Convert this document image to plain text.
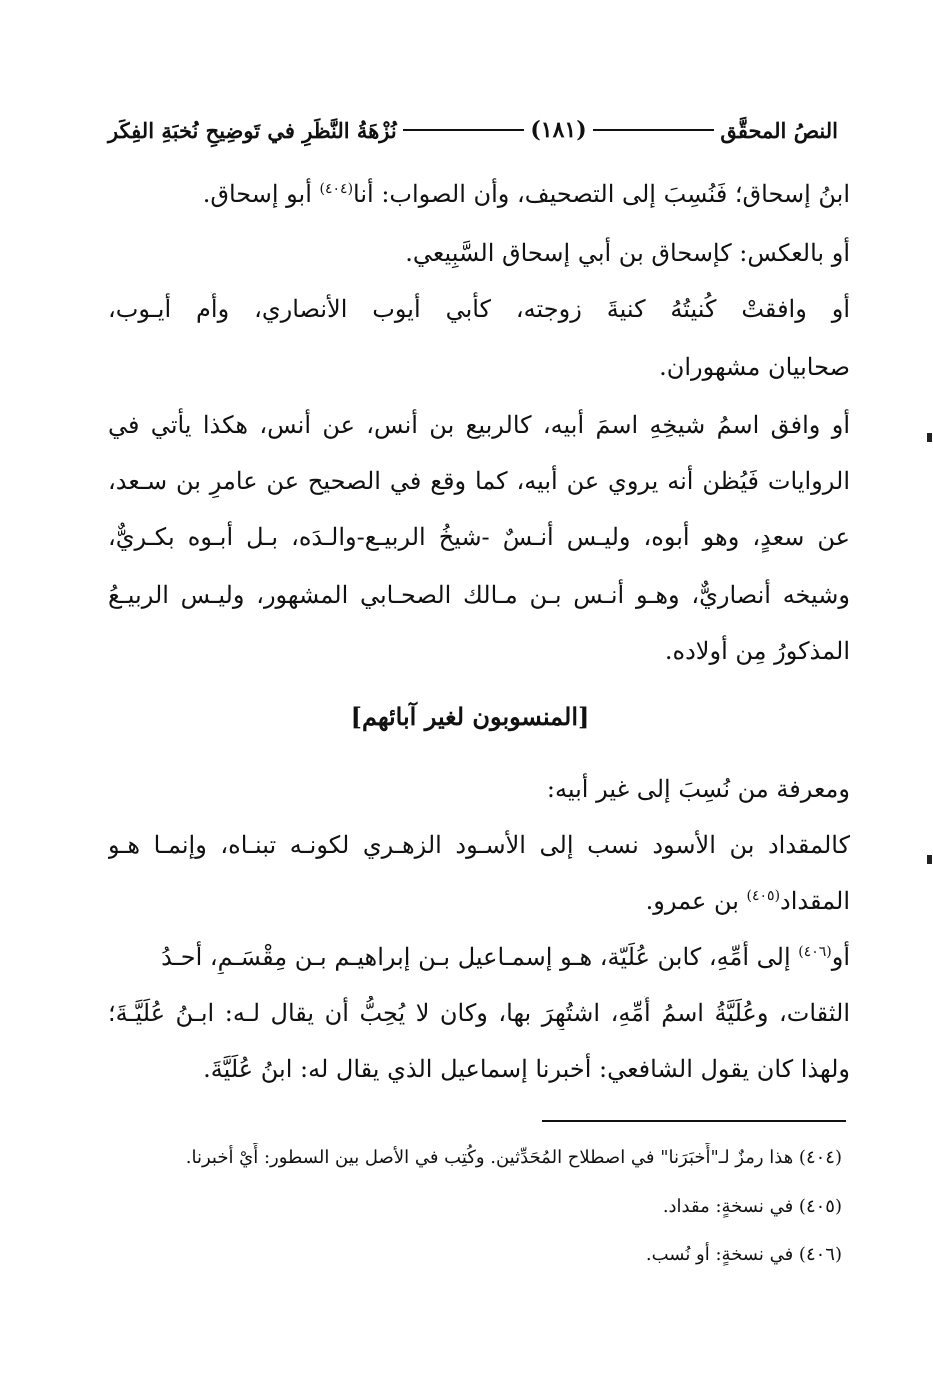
النصُ المحقَّق
(١٨١)
نُزْهَةُ النَّظَرِ في تَوضِيحِ نُخبَةِ الفِكَر
ابنُ إسحاق؛ فَنُسِبَ إلى التصحيف، وأن الصواب: أنا$^{(٤٠٤)}$ أبو إسحاق.
أو بالعكس: كإسحاق بن أبي إسحاق السَّبِيعي.
أو وافقتْ كُنيتُهُ كنيةَ زوجته، كأبي أيوب الأنصاري، وأُم أيـوب،
صحابيان مشهوران.
أو وافق اسمُ شيخِهِ اسمَ أبيه، كالربيع بن أنس، عن أنس، هكذا يأتي في
الروايات فَيُظن أنه يروي عن أبيه، كما وقع في الصحيح عن عامرِ بن سـعد،
عن سعدٍ، وهو أبوه، وليـس أنـسٌ -شيخُ الربيـع-والـدَه، بـل أبـوه بكـريٌّ،
وشيخه أنصاريٌّ، وهـو أنـس بـن مـالك الصحـابي المشهور، وليـس الربيـعُ
المذكورُ مِن أولاده.
[المنسوبون لغير آبائهم]
ومعرفة من نُسِبَ إلى غير أبيه:
كالمقداد بن الأسود نسب إلى الأسـود الزهـري لكونـه تبنـاه، وإنمـا هـو
المقداد$^{(٤٠٥)}$ بن عمرو.
أو$^{(٤٠٦)}$ إلى أُمِّهِ، كابن عُلَيّة، هـو إسمـاعيل بـن إبراهيـم بـن مِقْسَـمٍ، أحـدُ
الثقات، وعُلَيَّةُ اسمُ أُمِّهِ، اشتُهِرَ بها، وكان لا يُحِبُّ أن يقال لـه: ابـنُ عُلَيَّـةَ؛
ولهذا كان يقول الشافعي: أخبرنا إسماعيل الذي يقال له: ابنُ عُلَيَّةَ.
(٤٠٤) هذا رمزٌ لـ"أَخبَرَنا" في اصطلاح المُحَدِّثين. وكُتِب في الأصل بين السطور: أَيْ أخبرنا.
(٤٠٥) في نسخةٍ: مقداد.
(٤٠٦) في نسخةٍ: أو نُسب.
